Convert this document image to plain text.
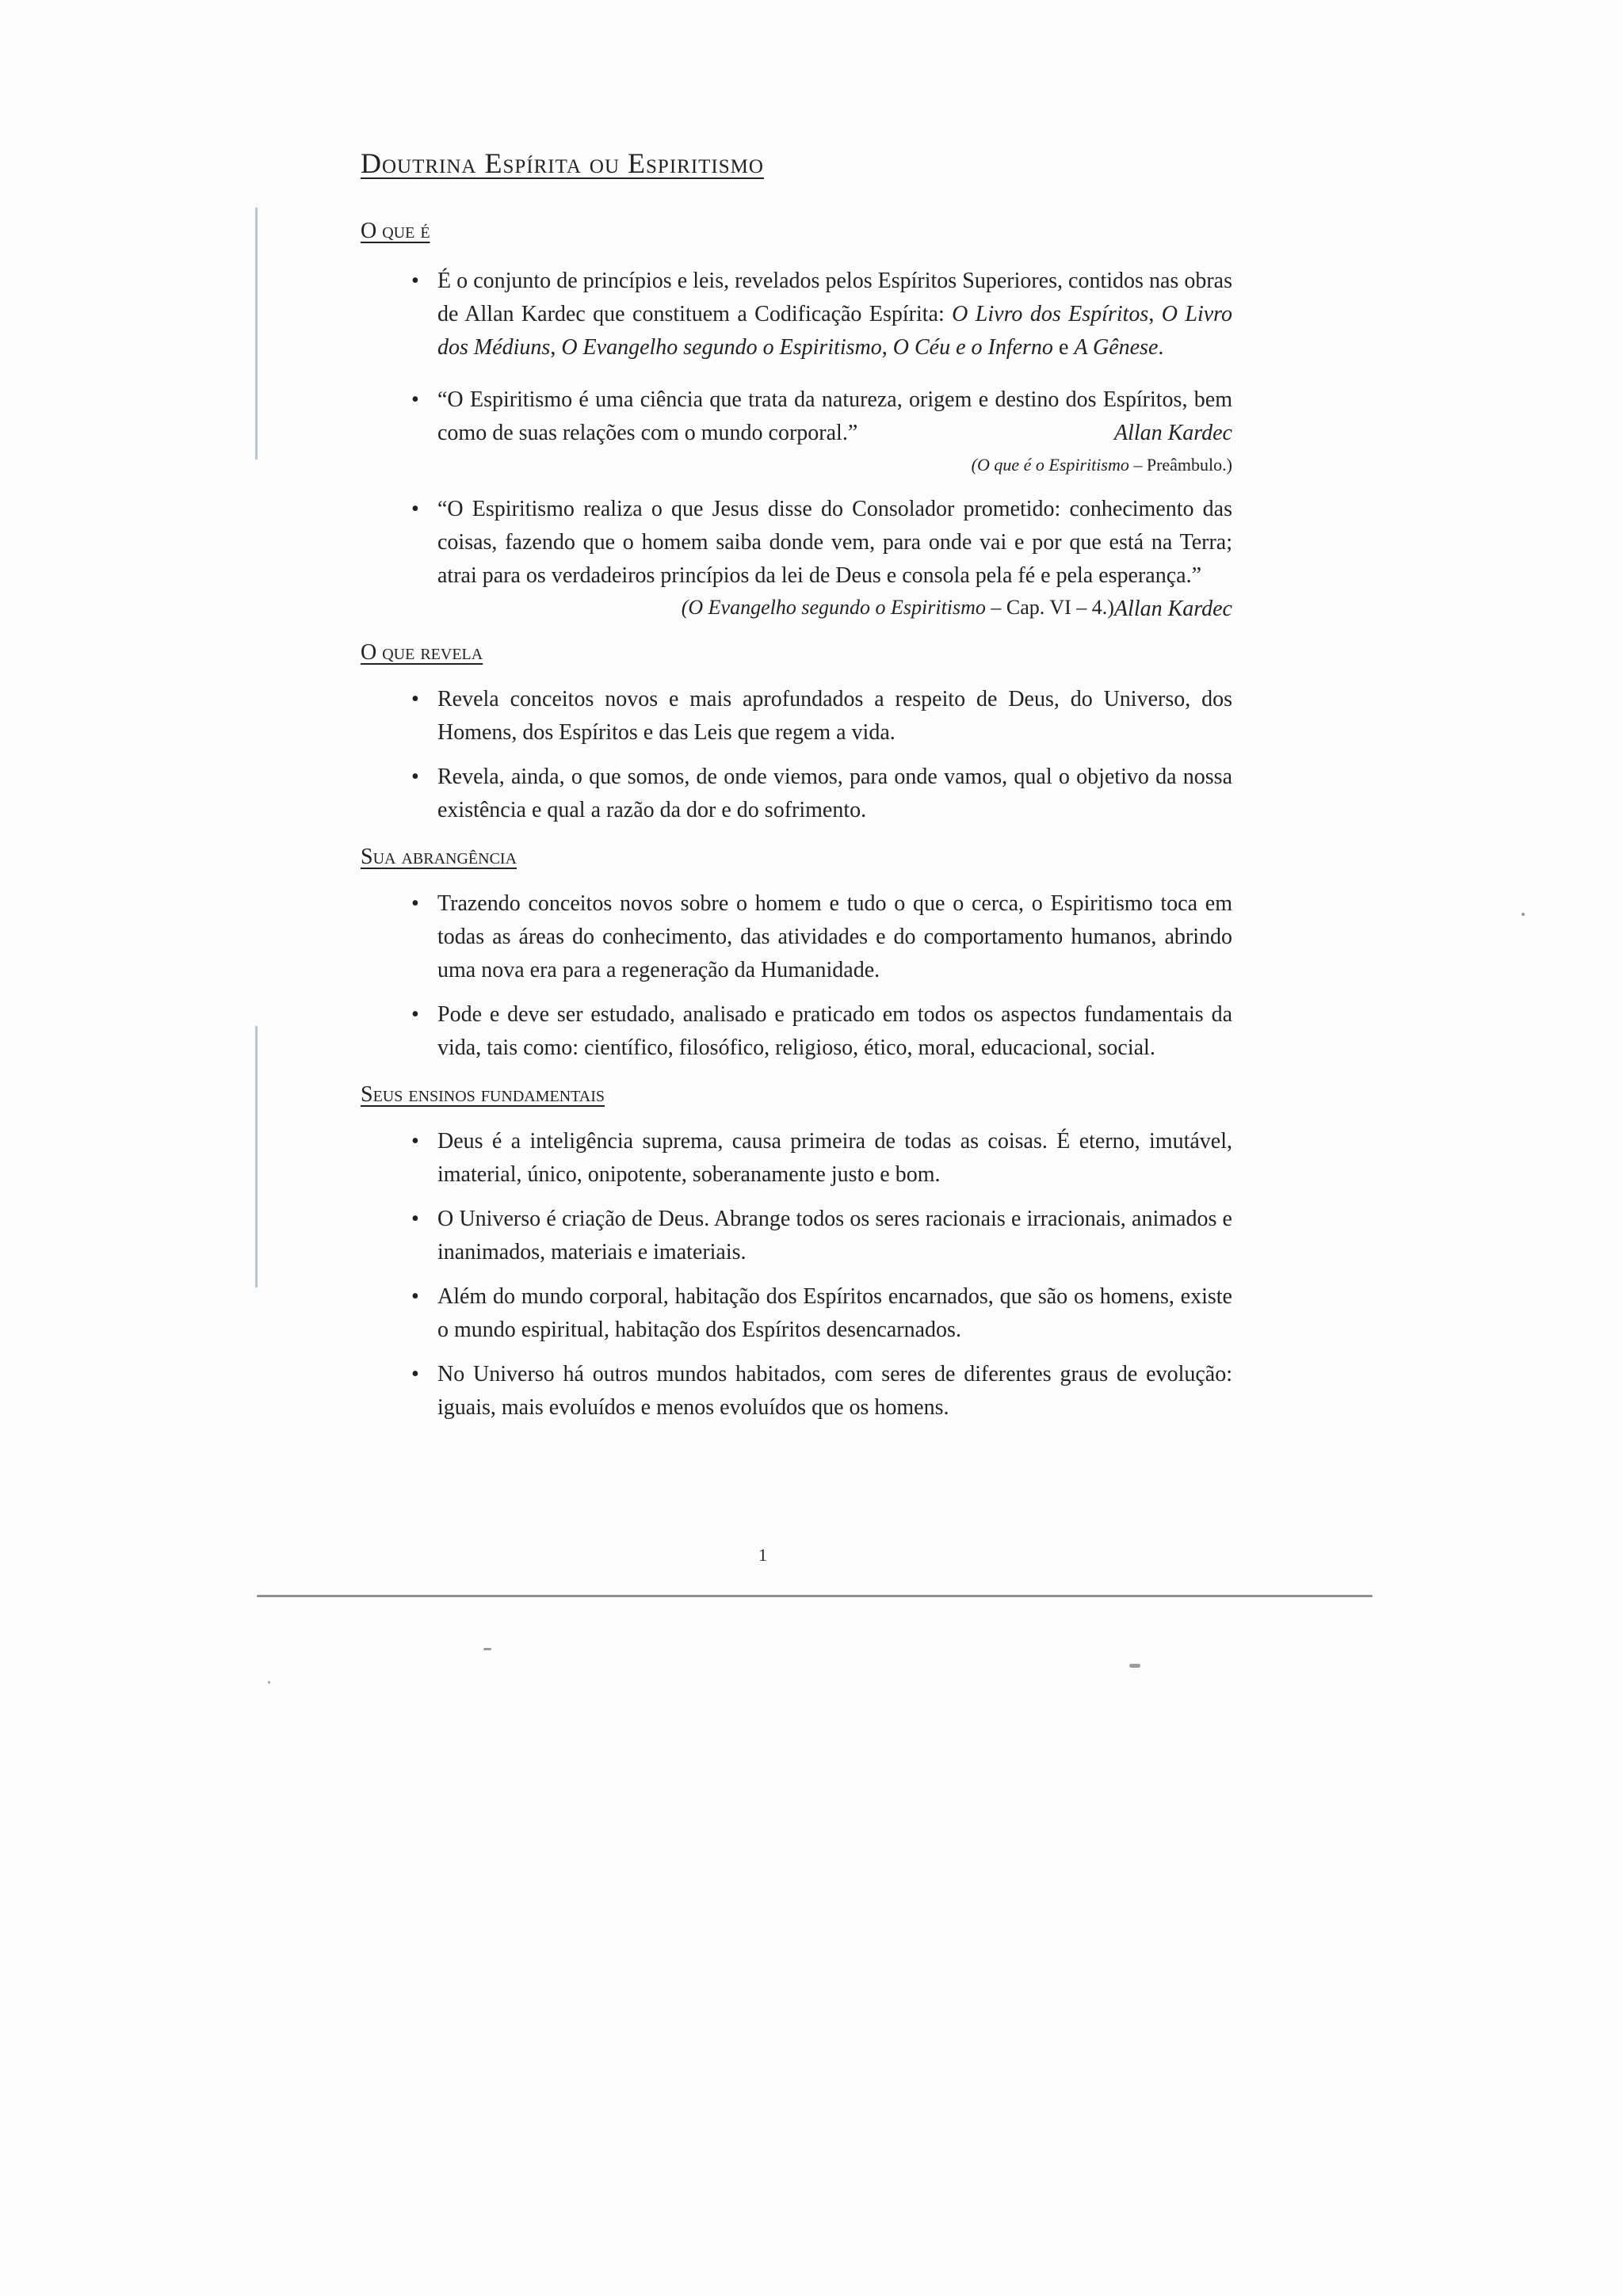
Doutrina Espírita ou Espiritismo
O que é
• É o conjunto de princípios e leis, revelados pelos Espíritos Superiores, contidos nas obras de Allan Kardec que constituem a Codificação Espírita: O Livro dos Espíritos, O Livro dos Médiuns, O Evangelho segundo o Espiritismo, O Céu e o Inferno e A Gênese.
• “O Espiritismo é uma ciência que trata da natureza, origem e destino dos Espíritos, bem como de suas relações com o mundo corporal.”	Allan Kardec
(O que é o Espiritismo – Preâmbulo.)
• “O Espiritismo realiza o que Jesus disse do Consolador prometido: conhecimento das coisas, fazendo que o homem saiba donde vem, para onde vai e por que está na Terra; atrai para os verdadeiros princípios da lei de Deus e consola pela fé e pela esperança.”
Allan Kardec
(O Evangelho segundo o Espiritismo – Cap. VI – 4.)
O que revela
• Revela conceitos novos e mais aprofundados a respeito de Deus, do Universo, dos Homens, dos Espíritos e das Leis que regem a vida.
• Revela, ainda, o que somos, de onde viemos, para onde vamos, qual o objetivo da nossa existência e qual a razão da dor e do sofrimento.
Sua abrangência
• Trazendo conceitos novos sobre o homem e tudo o que o cerca, o Espiritismo toca em todas as áreas do conhecimento, das atividades e do comportamento humanos, abrindo uma nova era para a regeneração da Humanidade.
• Pode e deve ser estudado, analisado e praticado em todos os aspectos fundamentais da vida, tais como: científico, filosófico, religioso, ético, moral, educacional, social.
Seus ensinos fundamentais
• Deus é a inteligência suprema, causa primeira de todas as coisas. É eterno, imutável, imaterial, único, onipotente, soberanamente justo e bom.
• O Universo é criação de Deus. Abrange todos os seres racionais e irracionais, animados e inanimados, materiais e imateriais.
• Além do mundo corporal, habitação dos Espíritos encarnados, que são os homens, existe o mundo espiritual, habitação dos Espíritos desencarnados.
• No Universo há outros mundos habitados, com seres de diferentes graus de evolução: iguais, mais evoluídos e menos evoluídos que os homens.
1
